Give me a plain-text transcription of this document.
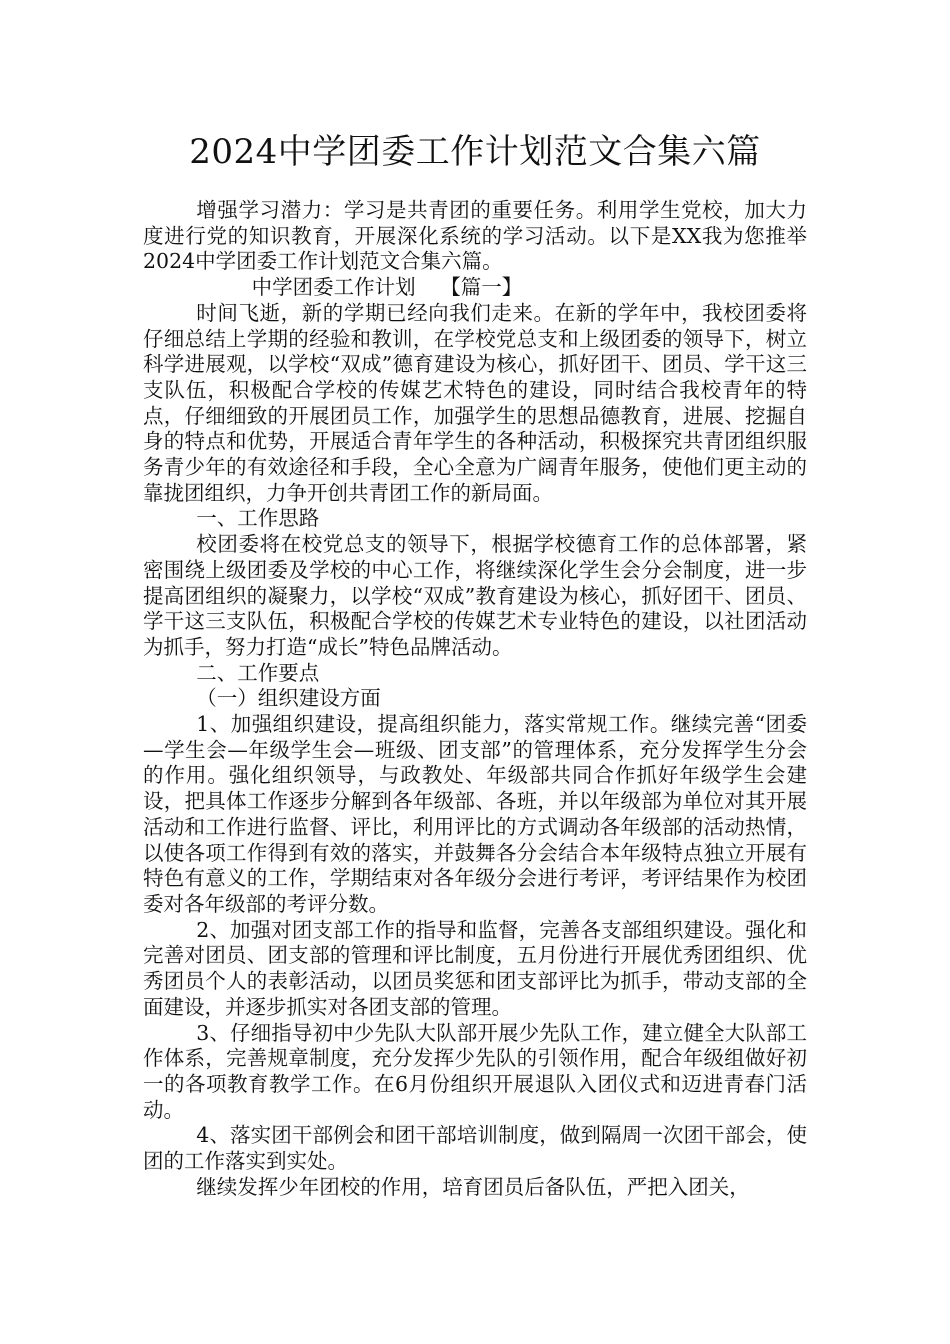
2024中学团委工作计划范文合集六篇

增强学习潜力：学习是共青团的重要任务。利用学生党校，加大力度进行党的知识教育，开展深化系统的学习活动。以下是XX我为您推举2024中学团委工作计划范文合集六篇。

中学团委工作计划 【篇一】

时间飞逝，新的学期已经向我们走来。在新的学年中，我校团委将仔细总结上学期的经验和教训，在学校党总支和上级团委的领导下，树立科学进展观，以学校“双成”德育建设为核心，抓好团干、团员、学干这三支队伍，积极配合学校的传媒艺术特色的建设，同时结合我校青年的特点，仔细细致的开展团员工作，加强学生的思想品德教育，进展、挖掘自身的特点和优势，开展适合青年学生的各种活动，积极探究共青团组织服务青少年的有效途径和手段，全心全意为广阔青年服务，使他们更主动的靠拢团组织，力争开创共青团工作的新局面。

一、工作思路

校团委将在校党总支的领导下，根据学校德育工作的总体部署，紧密围绕上级团委及学校的中心工作，将继续深化学生会分会制度，进一步提高团组织的凝聚力，以学校“双成”教育建设为核心，抓好团干、团员、学干这三支队伍，积极配合学校的传媒艺术专业特色的建设，以社团活动为抓手，努力打造“成长”特色品牌活动。

二、工作要点

（一）组织建设方面

1、加强组织建设，提高组织能力，落实常规工作。继续完善“团委—学生会—年级学生会—班级、团支部”的管理体系，充分发挥学生分会的作用。强化组织领导，与政教处、年级部共同合作抓好年级学生会建设，把具体工作逐步分解到各年级部、各班，并以年级部为单位对其开展活动和工作进行监督、评比，利用评比的方式调动各年级部的活动热情，以使各项工作得到有效的落实，并鼓舞各分会结合本年级特点独立开展有特色有意义的工作，学期结束对各年级分会进行考评，考评结果作为校团委对各年级部的考评分数。

2、加强对团支部工作的指导和监督，完善各支部组织建设。强化和完善对团员、团支部的管理和评比制度，五月份进行开展优秀团组织、优秀团员个人的表彰活动，以团员奖惩和团支部评比为抓手，带动支部的全面建设，并逐步抓实对各团支部的管理。

3、仔细指导初中少先队大队部开展少先队工作，建立健全大队部工作体系，完善规章制度，充分发挥少先队的引领作用，配合年级组做好初一的各项教育教学工作。在6月份组织开展退队入团仪式和迈进青春门活动。

4、落实团干部例会和团干部培训制度，做到隔周一次团干部会，使团的工作落实到实处。

继续发挥少年团校的作用，培育团员后备队伍，严把入团关，
